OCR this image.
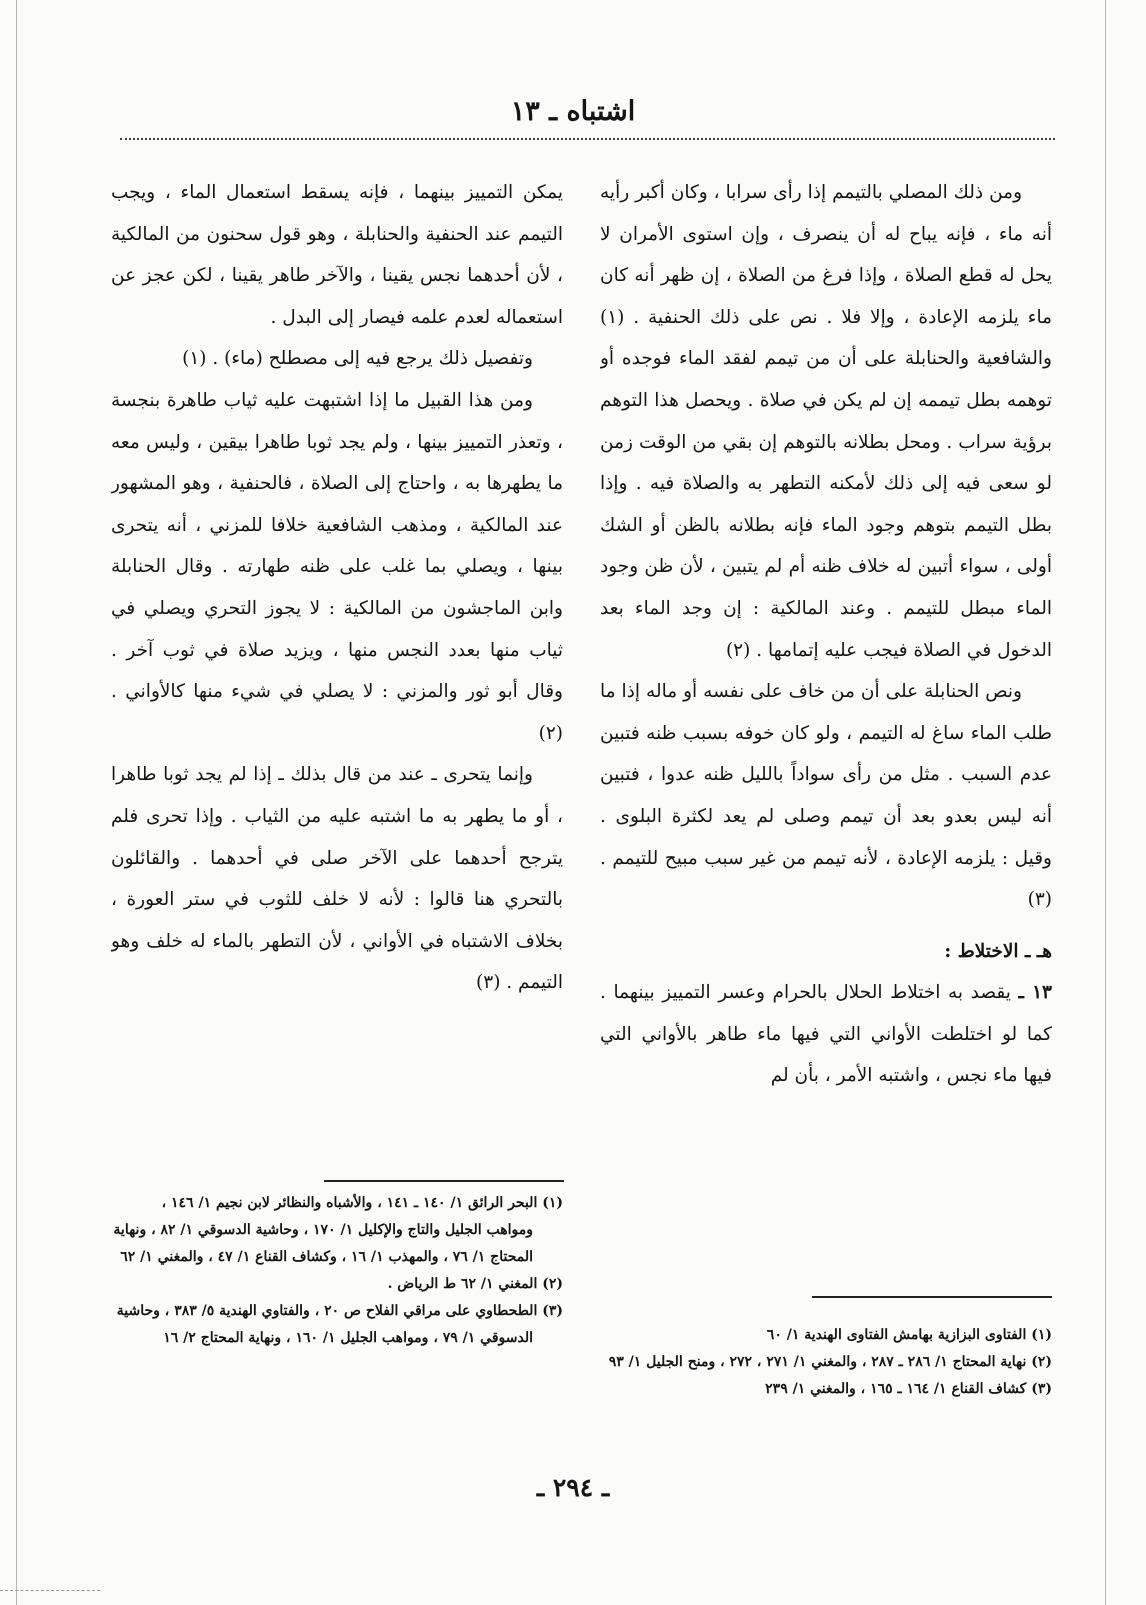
اشتباه ـ ١٣

ومن ذلك المصلي بالتيمم إذا رأى سرابا ، وكان أكبر رأيه أنه ماء ، فإنه يباح له أن ينصرف ، وإن استوى الأمران لا يحل له قطع الصلاة ، وإذا فرغ من الصلاة ، إن ظهر أنه كان ماء يلزمه الإعادة ، وإلا فلا . نص على ذلك الحنفية . (١) والشافعية والحنابلة على أن من تيمم لفقد الماء فوجده أو توهمه بطل تيممه إن لم يكن في صلاة . ويحصل هذا التوهم برؤية سراب . ومحل بطلانه بالتوهم إن بقي من الوقت زمن لو سعى فيه إلى ذلك لأمكنه التطهر به والصلاة فيه . وإذا بطل التيمم بتوهم وجود الماء فإنه بطلانه بالظن أو الشك أولى ، سواء أتبين له خلاف ظنه أم لم يتبين ، لأن ظن وجود الماء مبطل للتيمم . وعند المالكية : إن وجد الماء بعد الدخول في الصلاة فيجب عليه إتمامها . (٢)

ونص الحنابلة على أن من خاف على نفسه أو ماله إذا ما طلب الماء ساغ له التيمم ، ولو كان خوفه بسبب ظنه فتبين عدم السبب . مثل من رأى سواداً بالليل ظنه عدوا ، فتبين أنه ليس بعدو بعد أن تيمم وصلى لم يعد لكثرة البلوى . وقيل : يلزمه الإعادة ، لأنه تيمم من غير سبب مبيح للتيمم . (٣)

هـ ـ الاختلاط :

١٣ ـ يقصد به اختلاط الحلال بالحرام وعسر التمييز بينهما . كما لو اختلطت الأواني التي فيها ماء طاهر بالأواني التي فيها ماء نجس ، واشتبه الأمر ، بأن لم

يمكن التمييز بينهما ، فإنه يسقط استعمال الماء ، ويجب التيمم عند الحنفية والحنابلة ، وهو قول سحنون من المالكية ، لأن أحدهما نجس يقينا ، والآخر طاهر يقينا ، لكن عجز عن استعماله لعدم علمه فيصار إلى البدل .

وتفصيل ذلك يرجع فيه إلى مصطلح (ماء) . (١)

ومن هذا القبيل ما إذا اشتبهت عليه ثياب طاهرة بنجسة ، وتعذر التمييز بينها ، ولم يجد ثوبا طاهرا بيقين ، وليس معه ما يطهرها به ، واحتاج إلى الصلاة ، فالحنفية ، وهو المشهور عند المالكية ، ومذهب الشافعية خلافا للمزني ، أنه يتحرى بينها ، ويصلي بما غلب على ظنه طهارته . وقال الحنابلة وابن الماجشون من المالكية : لا يجوز التحري ويصلي في ثياب منها بعدد النجس منها ، ويزيد صلاة في ثوب آخر . وقال أبو ثور والمزني : لا يصلي في شيء منها كالأواني . (٢)

وإنما يتحرى ـ عند من قال بذلك ـ إذا لم يجد ثوبا طاهرا ، أو ما يطهر به ما اشتبه عليه من الثياب . وإذا تحرى فلم يترجح أحدهما على الآخر صلى في أحدهما . والقائلون بالتحري هنا قالوا : لأنه لا خلف للثوب في ستر العورة ، بخلاف الاشتباه في الأواني ، لأن التطهر بالماء له خلف وهو التيمم . (٣)

(١) البحر الرائق ١/ ١٤٠ ـ ١٤١ ، والأشباه والنظائر لابن نجيم ١/ ١٤٦ ، ومواهب الجليل والتاج والإكليل ١/ ١٧٠ ، وحاشية الدسوقي ١/ ٨٢ ، ونهاية المحتاج ١/ ٧٦ ، والمهذب ١/ ١٦ ، وكشاف القناع ١/ ٤٧ ، والمغني ١/ ٦٢
(٢) المغني ١/ ٦٢ ط الرياض .
(٣) الطحطاوي على مراقي الفلاح ص ٢٠ ، والفتاوي الهندية ٥/ ٣٨٣ ، وحاشية الدسوقي ١/ ٧٩ ، ومواهب الجليل ١/ ١٦٠ ، ونهاية المحتاج ٢/ ١٦	(١) الفتاوى البزازية بهامش الفتاوى الهندية ١/ ٦٠
(٢) نهاية المحتاج ١/ ٢٨٦ ـ ٢٨٧ ، والمغني ١/ ٢٧١ ، ٢٧٢ ، ومنح الجليل ١/ ٩٣
(٣) كشاف القناع ١/ ١٦٤ ـ ١٦٥ ، والمغني ١/ ٢٣٩
ـ ٢٩٤ ـ
